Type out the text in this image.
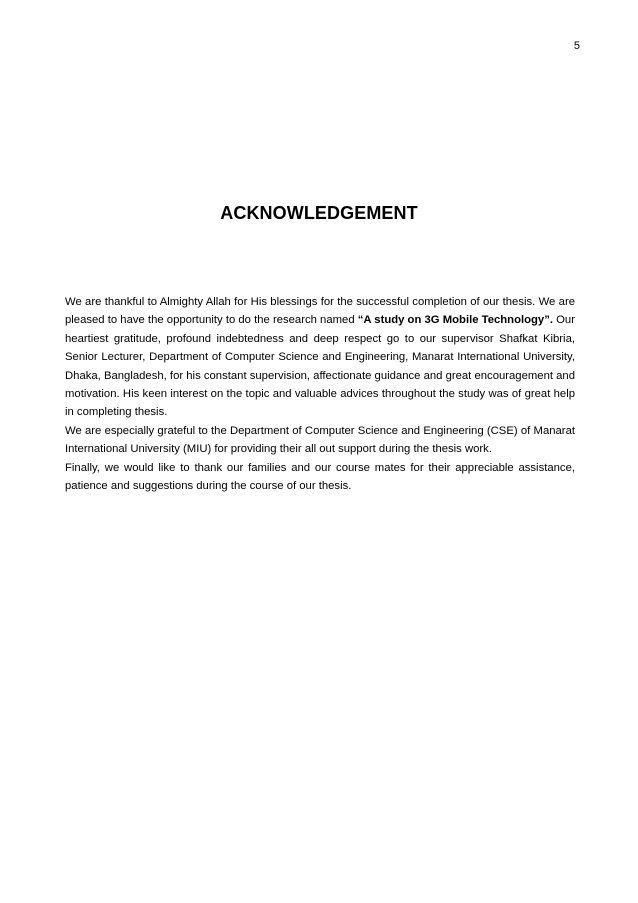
5
ACKNOWLEDGEMENT

We are thankful to Almighty Allah for His blessings for the successful completion of our thesis. We are pleased to have the opportunity to do the research named “A study on 3G Mobile Technology”. Our heartiest gratitude, profound indebtedness and deep respect go to our supervisor Shafkat Kibria, Senior Lecturer, Department of Computer Science and Engineering, Manarat International University, Dhaka, Bangladesh, for his constant supervision, affectionate guidance and great encouragement and motivation. His keen interest on the topic and valuable advices throughout the study was of great help in completing thesis.

We are especially grateful to the Department of Computer Science and Engineering (CSE) of Manarat International University (MIU) for providing their all out support during the thesis work.

Finally, we would like to thank our families and our course mates for their appreciable assistance, patience and suggestions during the course of our thesis.
